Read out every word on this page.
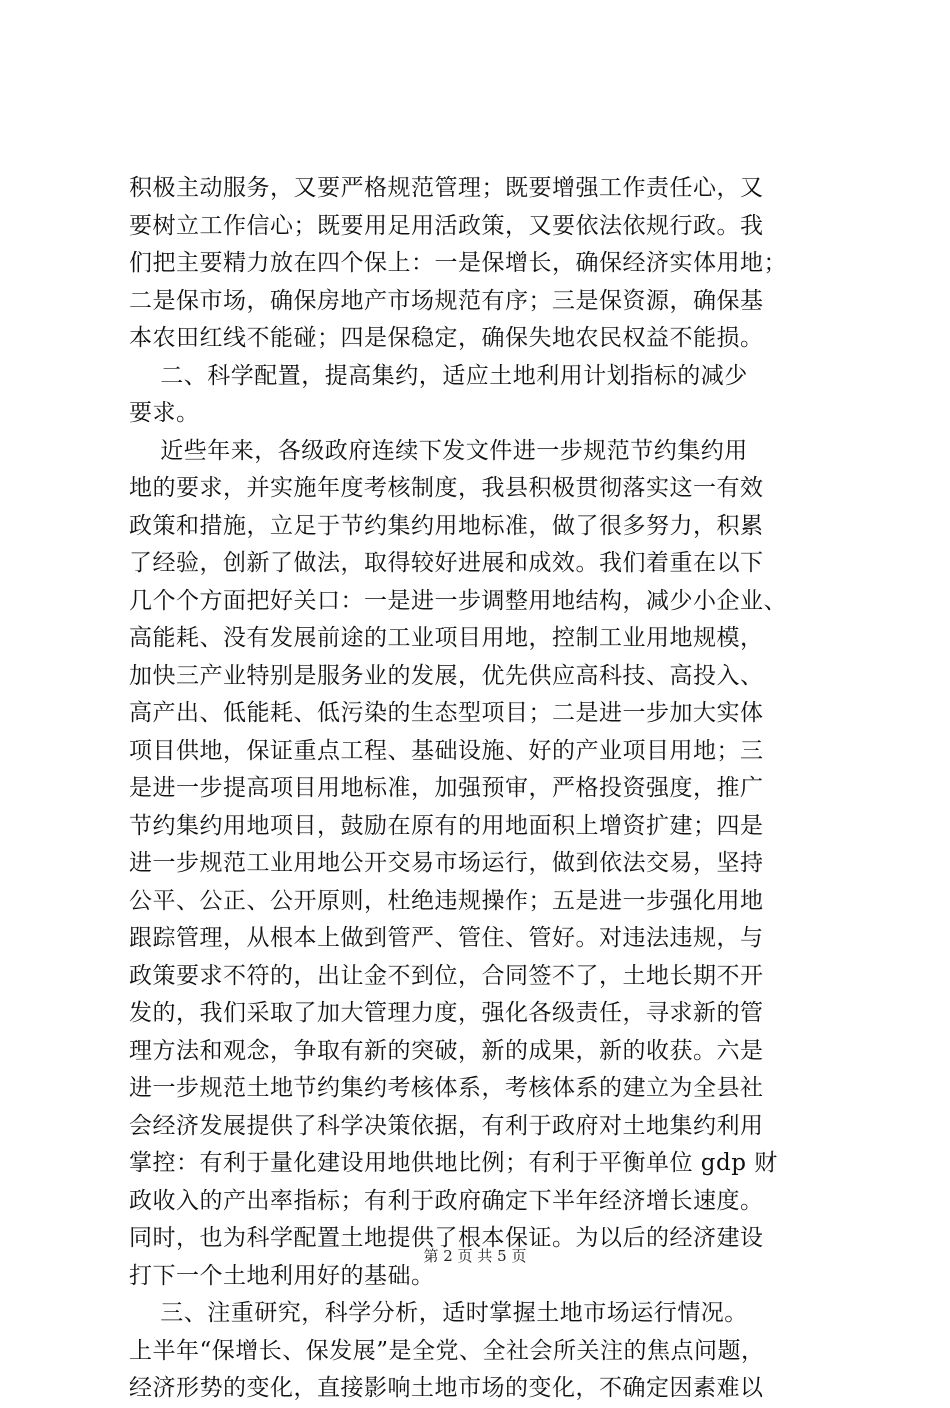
积极主动服务，又要严格规范管理；既要增强工作责任心，又
要树立工作信心；既要用足用活政策，又要依法依规行政。我
们把主要精力放在四个保上：一是保增长，确保经济实体用地；
二是保市场，确保房地产市场规范有序；三是保资源，确保基
本农田红线不能碰；四是保稳定，确保失地农民权益不能损。
二、科学配置，提高集约，适应土地利用计划指标的减少
要求。
近些年来，各级政府连续下发文件进一步规范节约集约用
地的要求，并实施年度考核制度，我县积极贯彻落实这一有效
政策和措施，立足于节约集约用地标准，做了很多努力，积累
了经验，创新了做法，取得较好进展和成效。我们着重在以下
几个个方面把好关口：一是进一步调整用地结构，减少小企业、
高能耗、没有发展前途的工业项目用地，控制工业用地规模，
加快三产业特别是服务业的发展，优先供应高科技、高投入、
高产出、低能耗、低污染的生态型项目；二是进一步加大实体
项目供地，保证重点工程、基础设施、好的产业项目用地；三
是进一步提高项目用地标准，加强预审，严格投资强度，推广
节约集约用地项目，鼓励在原有的用地面积上增资扩建；四是
进一步规范工业用地公开交易市场运行，做到依法交易，坚持
公平、公正、公开原则，杜绝违规操作；五是进一步强化用地
跟踪管理，从根本上做到管严、管住、管好。对违法违规，与
政策要求不符的，出让金不到位，合同签不了，土地长期不开
发的，我们采取了加大管理力度，强化各级责任，寻求新的管
理方法和观念，争取有新的突破，新的成果，新的收获。六是
进一步规范土地节约集约考核体系，考核体系的建立为全县社
会经济发展提供了科学决策依据，有利于政府对土地集约利用
掌控：有利于量化建设用地供地比例；有利于平衡单位 gdp 财
政收入的产出率指标；有利于政府确定下半年经济增长速度。
同时，也为科学配置土地提供了根本保证。为以后的经济建设
打下一个土地利用好的基础。
三、注重研究，科学分析，适时掌握土地市场运行情况。
上半年“保增长、保发展”是全党、全社会所关注的焦点问题，
经济形势的变化，直接影响土地市场的变化，不确定因素难以
第 2 页 共 5 页
